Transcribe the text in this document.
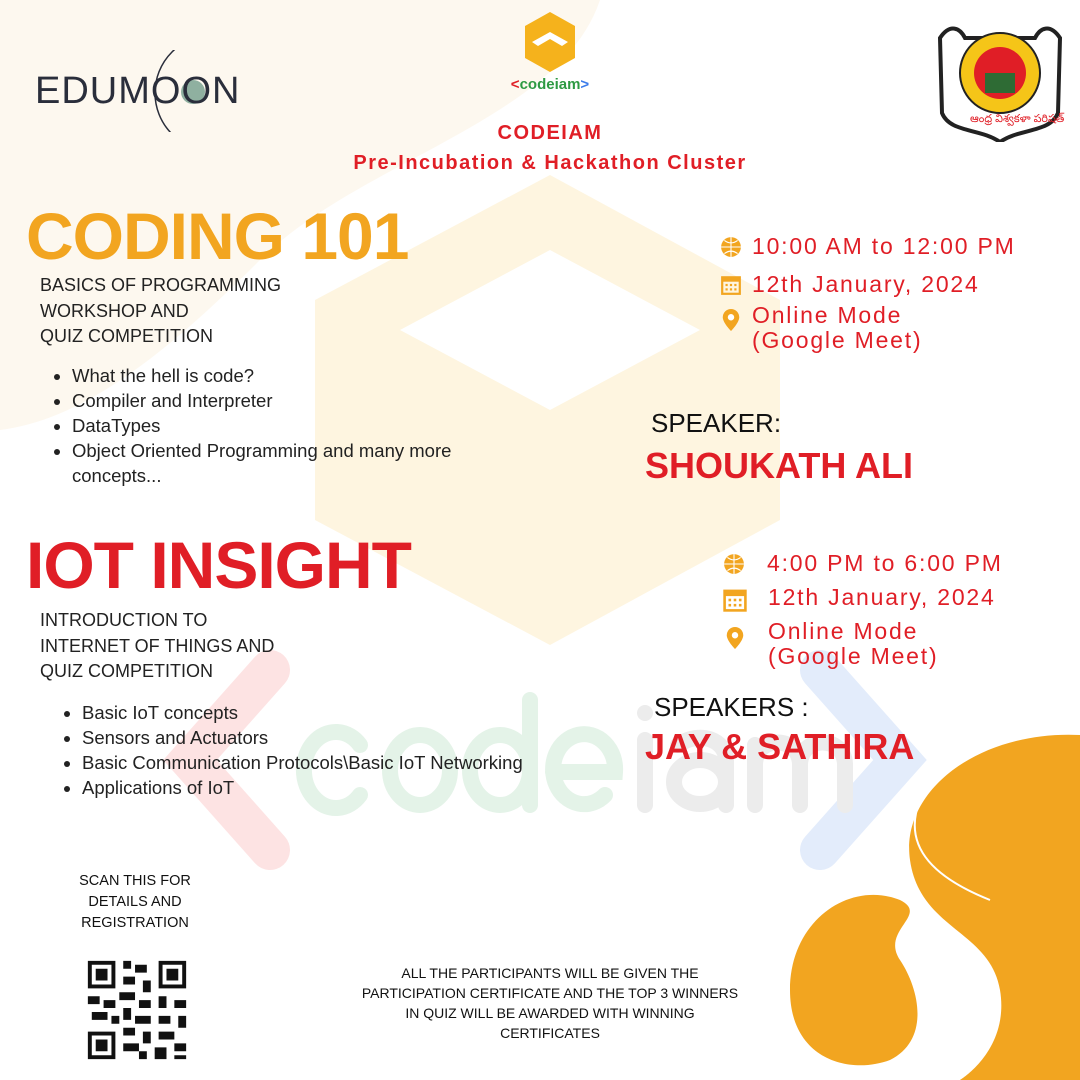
EDUMOON	<codeiam>
ఆంధ్ర విశ్వకళా పరిషత్
CODEIAM
Pre-Incubation & Hackathon Cluster
CODING 101
BASICS OF PROGRAMMING
WORKSHOP AND
QUIZ COMPETITION
• What the hell is code?
• Compiler and Interpreter
• DataTypes
• Object Oriented Programming and many more concepts...
10:00 AM to 12:00 PM
12th January, 2024
Online Mode
(Google Meet)
SPEAKER:
SHOUKATH ALI
IOT INSIGHT
INTRODUCTION TO
INTERNET OF THINGS AND
QUIZ COMPETITION
• Basic IoT concepts
• Sensors and Actuators
• Basic Communication Protocols\Basic IoT Networking
• Applications of IoT
4:00 PM to 6:00 PM
12th January, 2024
Online Mode
(Google Meet)
SPEAKERS :
JAY & SATHIRA
SCAN THIS FOR
DETAILS AND
REGISTRATION
ALL THE PARTICIPANTS WILL BE GIVEN THE
PARTICIPATION CERTIFICATE AND THE TOP 3 WINNERS
IN QUIZ WILL BE AWARDED WITH WINNING
CERTIFICATES
